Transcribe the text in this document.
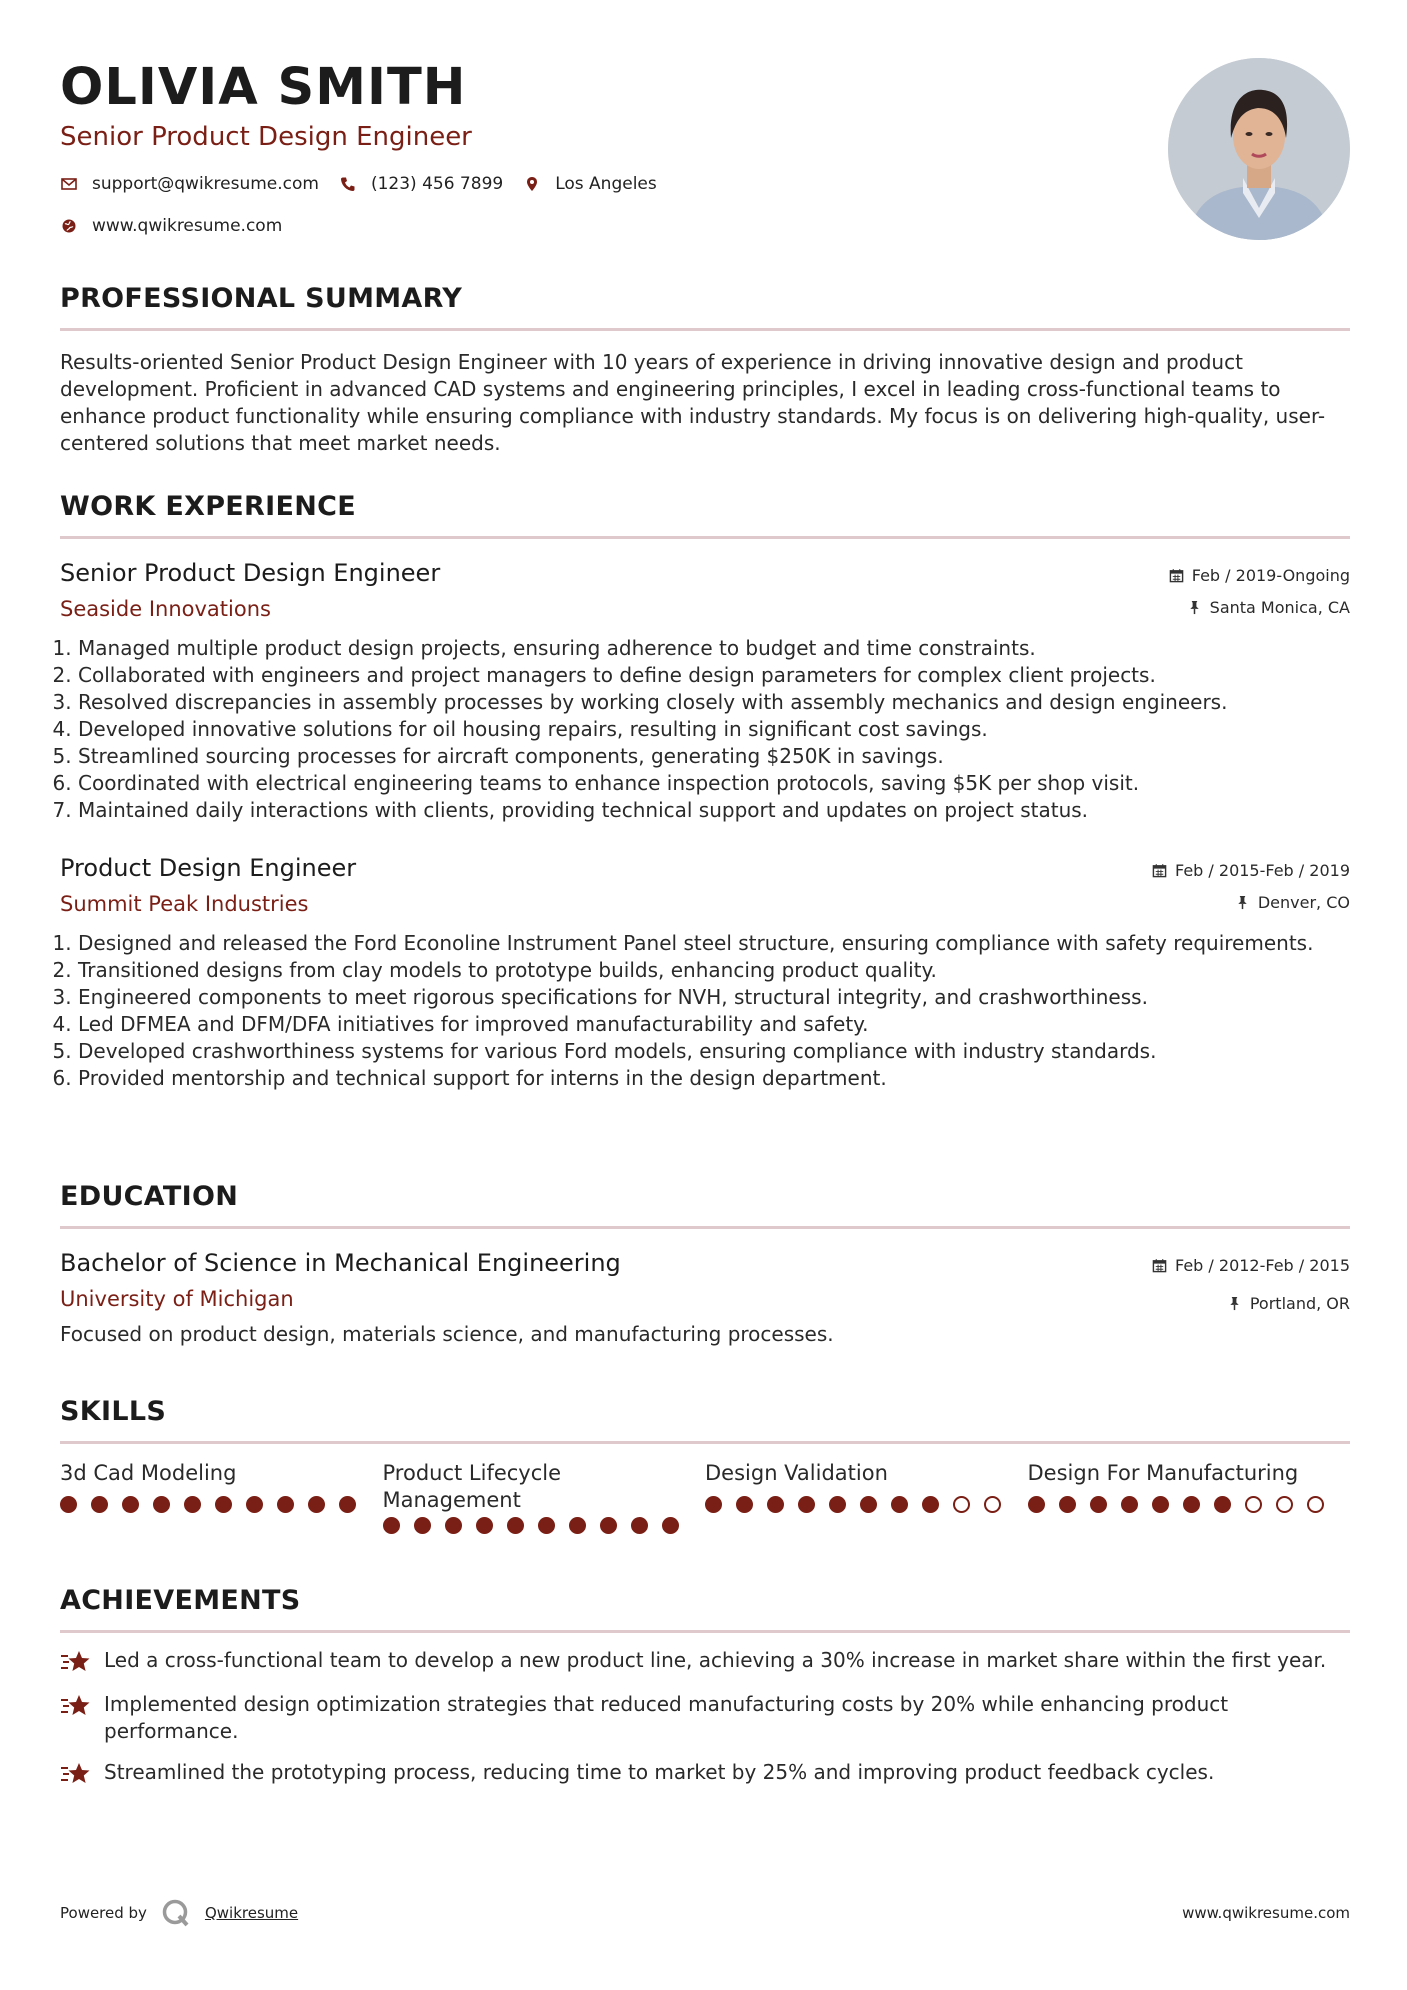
OLIVIA SMITH
Senior Product Design Engineer
support@qwikresume.com	(123) 456 7899	Los Angeles
www.qwikresume.com
PROFESSIONAL SUMMARY
Results-oriented Senior Product Design Engineer with 10 years of experience in driving innovative design and product development. Proficient in advanced CAD systems and engineering principles, I excel in leading cross-functional teams to enhance product functionality while ensuring compliance with industry standards. My focus is on delivering high-quality, user-centered solutions that meet market needs.
WORK EXPERIENCE
Senior Product Design Engineer
Seaside Innovations
Feb / 2019-Ongoing
Santa Monica, CA
1. Managed multiple product design projects, ensuring adherence to budget and time constraints.
2. Collaborated with engineers and project managers to define design parameters for complex client projects.
3. Resolved discrepancies in assembly processes by working closely with assembly mechanics and design engineers.
4. Developed innovative solutions for oil housing repairs, resulting in significant cost savings.
5. Streamlined sourcing processes for aircraft components, generating $250K in savings.
6. Coordinated with electrical engineering teams to enhance inspection protocols, saving $5K per shop visit.
7. Maintained daily interactions with clients, providing technical support and updates on project status.
Product Design Engineer
Summit Peak Industries
Feb / 2015-Feb / 2019
Denver, CO
1. Designed and released the Ford Econoline Instrument Panel steel structure, ensuring compliance with safety requirements.
2. Transitioned designs from clay models to prototype builds, enhancing product quality.
3. Engineered components to meet rigorous specifications for NVH, structural integrity, and crashworthiness.
4. Led DFMEA and DFM/DFA initiatives for improved manufacturability and safety.
5. Developed crashworthiness systems for various Ford models, ensuring compliance with industry standards.
6. Provided mentorship and technical support for interns in the design department.
EDUCATION
Bachelor of Science in Mechanical Engineering
University of Michigan
Feb / 2012-Feb / 2015
Portland, OR
Focused on product design, materials science, and manufacturing processes.
SKILLS
3d Cad Modeling	Product Lifecycle Management
Design Validation	Design For Manufacturing
ACHIEVEMENTS
Led a cross-functional team to develop a new product line, achieving a 30% increase in market share within the first year.
Implemented design optimization strategies that reduced manufacturing costs by 20% while enhancing product performance.
Streamlined the prototyping process, reducing time to market by 25% and improving product feedback cycles.
Powered by	Qwikresume	www.qwikresume.com
